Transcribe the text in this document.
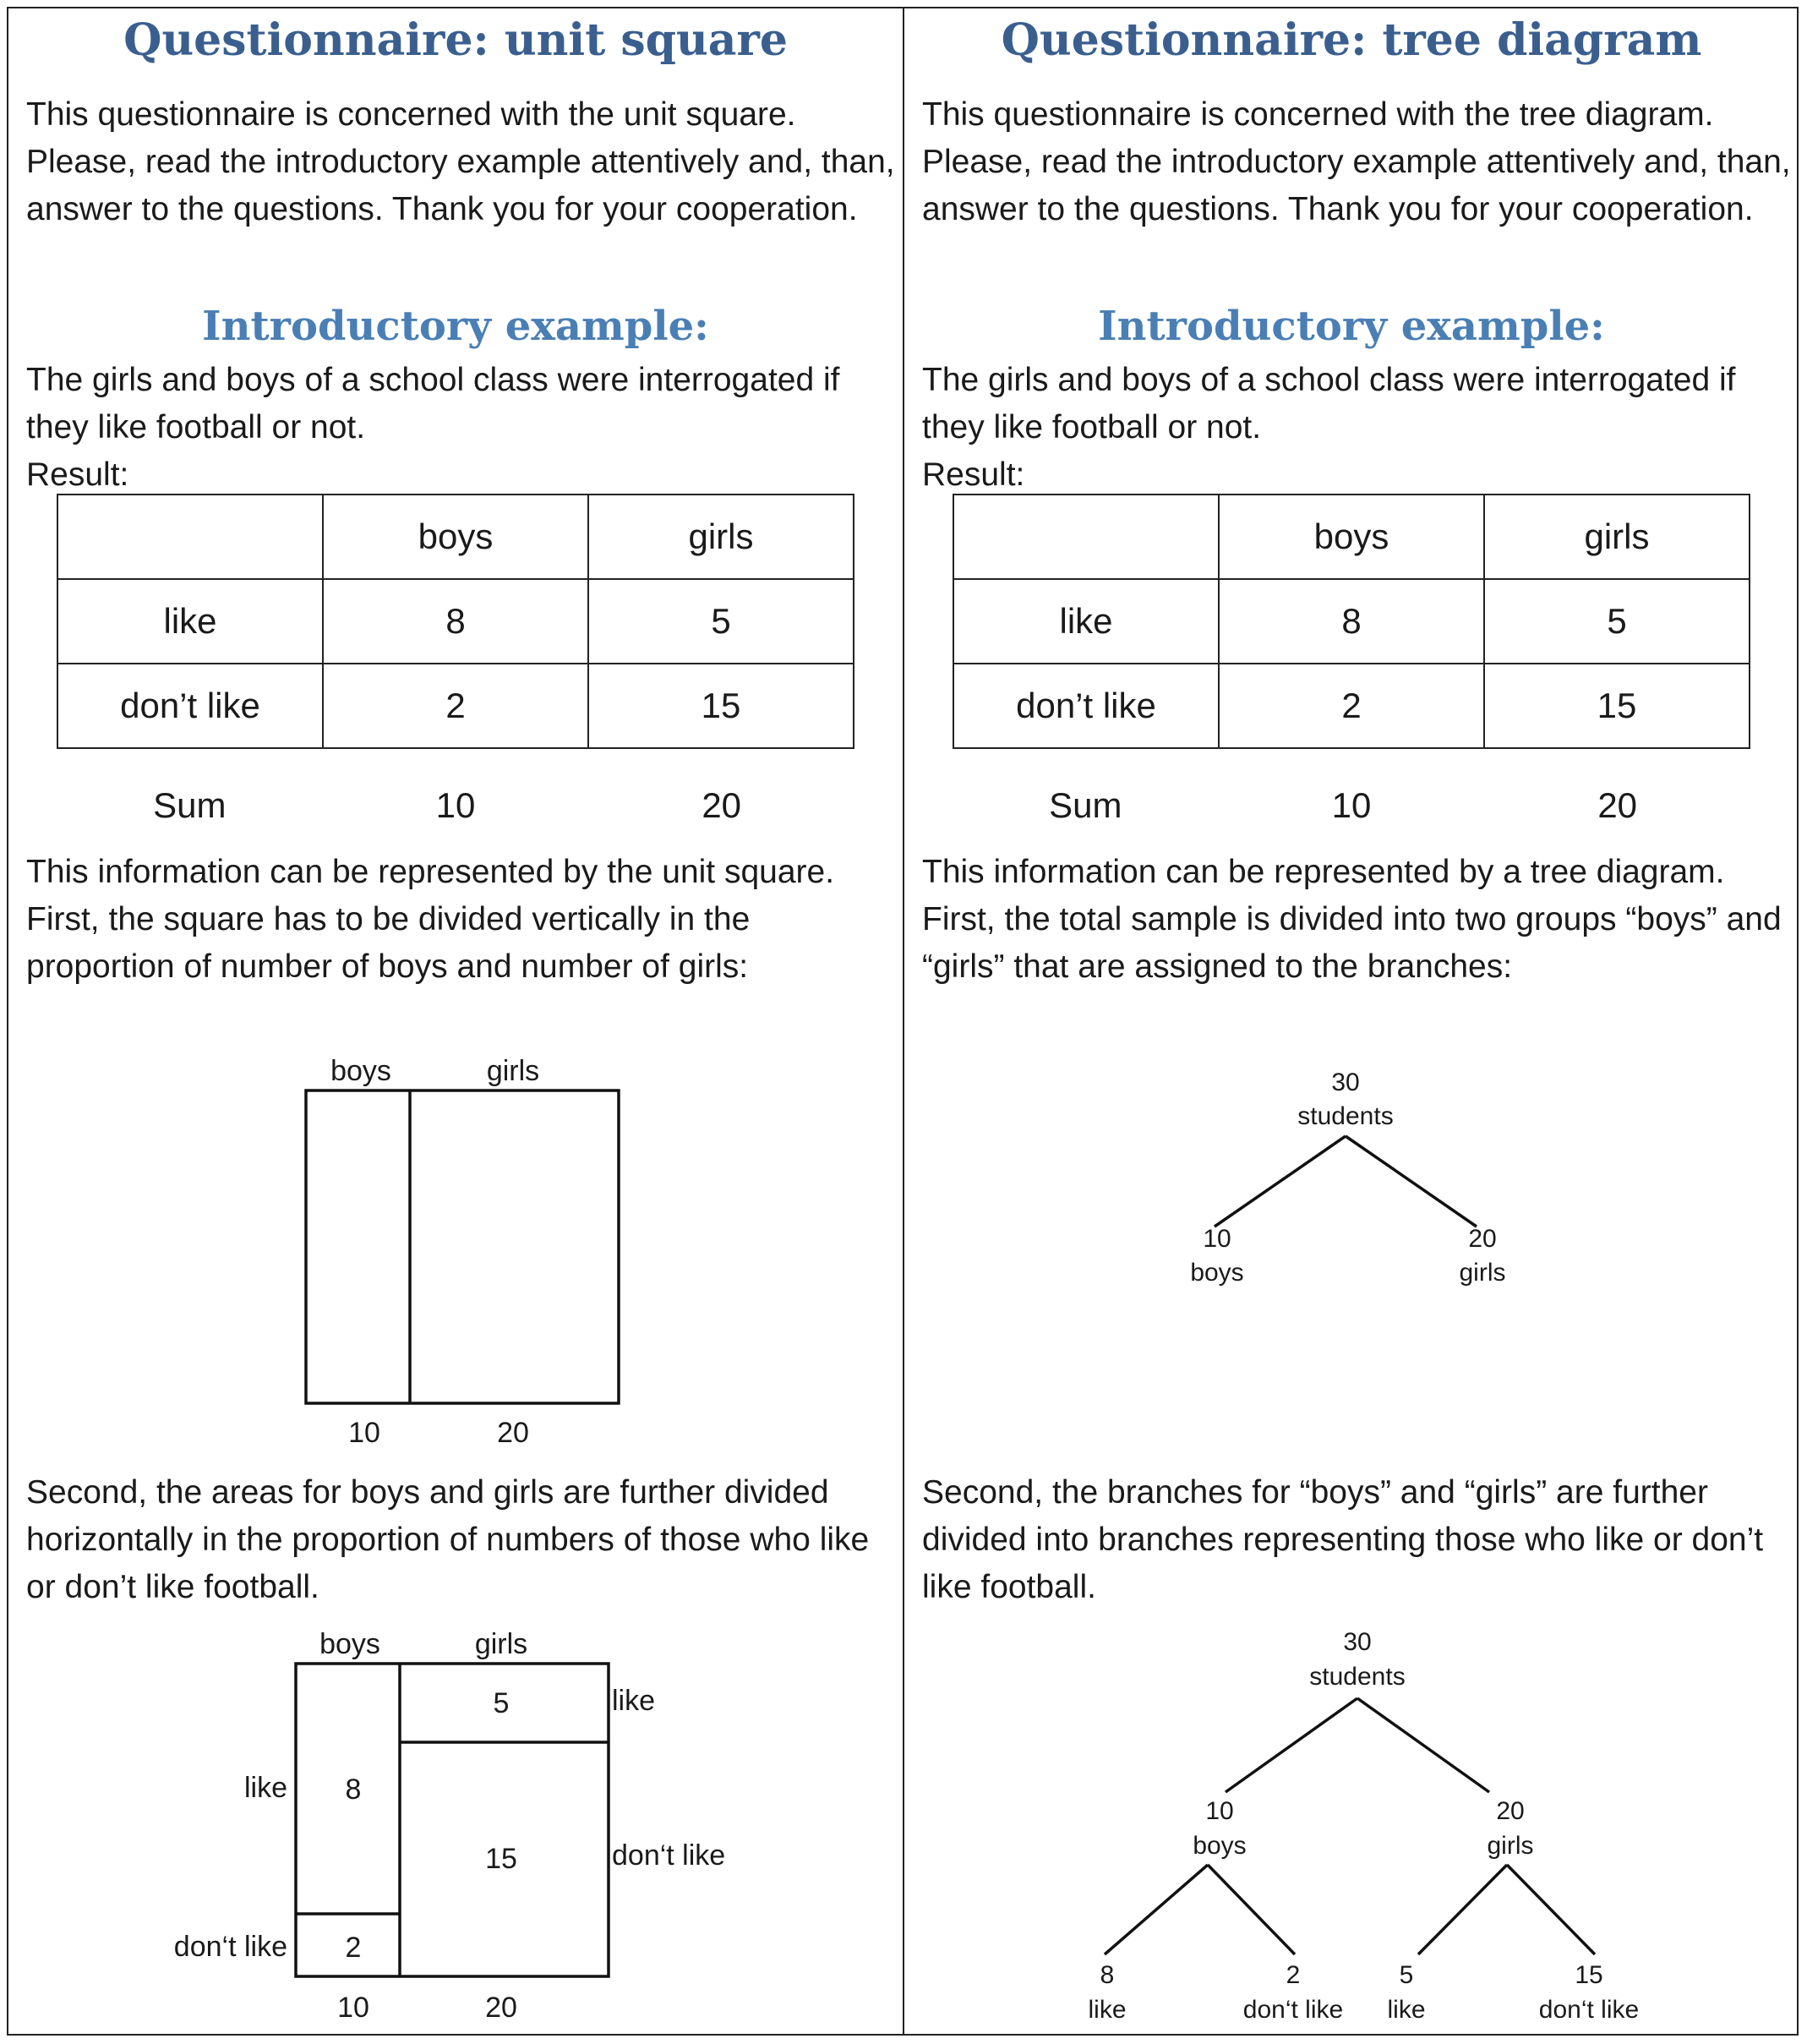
Questionnaire: unit square

This questionnaire is concerned with the unit square. Please, read the introductory example attentively and, than, answer to the questions. Thank you for your cooperation.

Introductory example:

The girls and boys of a school class were interrogated if they like football or not.

Result:

	boys	girls
like	8	5
don’t like	2	15
Sum	10	20

This information can be represented by the unit square. First, the square has to be divided vertically in the proportion of number of boys and number of girls:

boys	girls
10	20

Second, the areas for boys and girls are further divided horizontally in the proportion of numbers of those who like or don’t like football.

boys	girls
8
2
5
15
like
don‘t like
like
don‘t like
10	20
Questionnaire: tree diagram

This questionnaire is concerned with the tree diagram. Please, read the introductory example attentively and, than, answer to the questions. Thank you for your cooperation.

Introductory example:

The girls and boys of a school class were interrogated if they like football or not.

Result:

	boys	girls
like	8	5
don’t like	2	15
Sum	10	20

This information can be represented by a tree diagram. First, the total sample is divided into two groups “boys” and “girls” that are assigned to the branches:

30
students
10
boys
20
girls

Second, the branches for “boys” and “girls” are further divided into branches representing those who like or don’t like football.

30
students
10
boys
20
girls
8
like
2
don‘t like
5
like
15
don‘t like
